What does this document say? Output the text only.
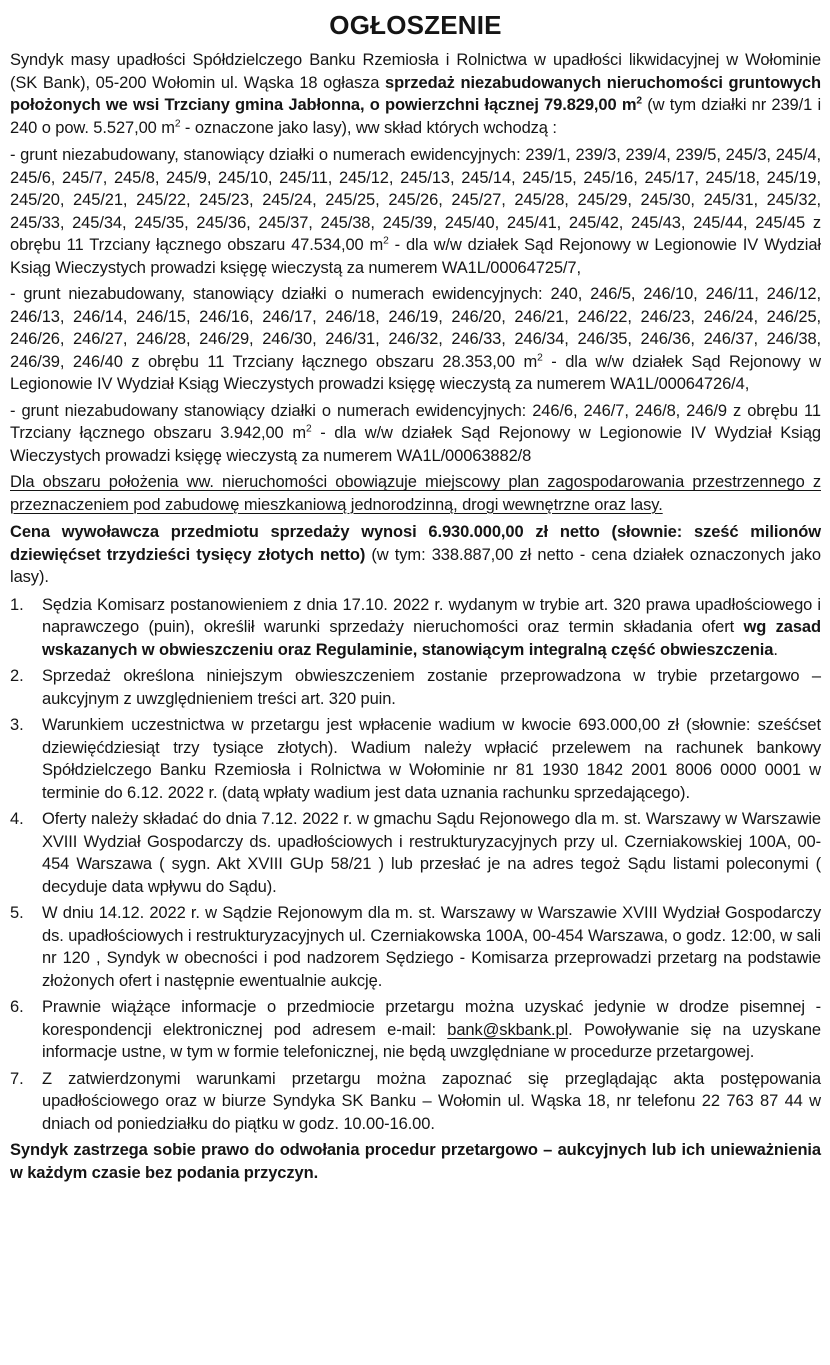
OGŁOSZENIE

Syndyk masy upadłości Spółdzielczego Banku Rzemiosła i Rolnictwa w upadłości likwidacyjnej w Wołominie (SK Bank), 05-200 Wołomin ul. Wąska 18 ogłasza sprzedaż niezabudowanych nieruchomości gruntowych położonych we wsi Trzciany gmina Jabłonna, o powierzchni łącznej 79.829,00 $m^2$ (w tym działki nr 239/1 i 240 o pow. 5.527,00 $m^2$ - oznaczone jako lasy), ww skład których wchodzą :

- grunt niezabudowany, stanowiący działki o numerach ewidencyjnych: 239/1, 239/3, 239/4, 239/5, 245/3, 245/4, 245/6, 245/7, 245/8, 245/9, 245/10, 245/11, 245/12, 245/13, 245/14, 245/15, 245/16, 245/17, 245/18, 245/19, 245/20, 245/21, 245/22, 245/23, 245/24, 245/25, 245/26, 245/27, 245/28, 245/29, 245/30, 245/31, 245/32, 245/33, 245/34, 245/35, 245/36, 245/37, 245/38, 245/39, 245/40, 245/41, 245/42, 245/43, 245/44, 245/45 z obrębu 11 Trzciany łącznego obszaru 47.534,00 $m^2$ - dla w/w działek Sąd Rejonowy w Legionowie IV Wydział Ksiąg Wieczystych prowadzi księgę wieczystą za numerem WA1L/00064725/7,

- grunt niezabudowany, stanowiący działki o numerach ewidencyjnych: 240, 246/5, 246/10, 246/11, 246/12, 246/13, 246/14, 246/15, 246/16, 246/17, 246/18, 246/19, 246/20, 246/21, 246/22, 246/23, 246/24, 246/25, 246/26, 246/27, 246/28, 246/29, 246/30, 246/31, 246/32, 246/33, 246/34, 246/35, 246/36, 246/37, 246/38, 246/39, 246/40 z obrębu 11 Trzciany łącznego obszaru 28.353,00 $m^2$ - dla w/w działek Sąd Rejonowy w Legionowie IV Wydział Ksiąg Wieczystych prowadzi księgę wieczystą za numerem WA1L/00064726/4,

- grunt niezabudowany stanowiący działki o numerach ewidencyjnych: 246/6, 246/7, 246/8, 246/9 z obrębu 11 Trzciany łącznego obszaru 3.942,00 $m^2$ - dla w/w działek Sąd Rejonowy w Legionowie IV Wydział Ksiąg Wieczystych prowadzi księgę wieczystą za numerem WA1L/00063882/8

Dla obszaru położenia ww. nieruchomości obowiązuje miejscowy plan zagospodarowania przestrzennego z przeznaczeniem pod zabudowę mieszkaniową jednorodzinną, drogi wewnętrzne oraz lasy.

Cena wywoławcza przedmiotu sprzedaży wynosi 6.930.000,00 zł netto (słownie: sześć milionów dziewięćset trzydzieści tysięcy złotych netto) (w tym: 338.887,00 zł netto - cena działek oznaczonych jako lasy).

1.	Sędzia Komisarz postanowieniem z dnia 17.10. 2022 r. wydanym w trybie art. 320 prawa upadłościowego i naprawczego (puin), określił warunki sprzedaży nieruchomości oraz termin składania ofert wg zasad wskazanych w obwieszczeniu oraz Regulaminie, stanowiącym integralną część obwieszczenia.

2.	Sprzedaż określona niniejszym obwieszczeniem zostanie przeprowadzona w trybie przetargowo – aukcyjnym z uwzględnieniem treści art. 320 puin.

3.	Warunkiem uczestnictwa w przetargu jest wpłacenie wadium w kwocie 693.000,00 zł (słownie: sześćset dziewięćdziesiąt trzy tysiące złotych). Wadium należy wpłacić przelewem na rachunek bankowy Spółdzielczego Banku Rzemiosła i Rolnictwa w Wołominie nr 81 1930 1842 2001 8006 0000 0001 w terminie do 6.12. 2022 r. (datą wpłaty wadium jest data uznania rachunku sprzedającego).

4.	Oferty należy składać do dnia 7.12. 2022 r. w gmachu Sądu Rejonowego dla m. st. Warszawy w Warszawie XVIII Wydział Gospodarczy ds. upadłościowych i restrukturyzacyjnych przy ul. Czerniakowskiej 100A, 00-454 Warszawa ( sygn. Akt XVIII GUp 58/21 ) lub przesłać je na adres tegoż Sądu listami poleconymi ( decyduje data wpływu do Sądu).

5.	W dniu 14.12. 2022 r. w Sądzie Rejonowym dla m. st. Warszawy w Warszawie XVIII Wydział Gospodarczy ds. upadłościowych i restrukturyzacyjnych ul. Czerniakowska 100A, 00-454 Warszawa, o godz. 12:00, w sali nr 120 , Syndyk w obecności i pod nadzorem Sędziego - Komisarza przeprowadzi przetarg na podstawie złożonych ofert i następnie ewentualnie aukcję.

6.	Prawnie wiążące informacje o przedmiocie przetargu można uzyskać jedynie w drodze pisemnej - korespondencji elektronicznej pod adresem e-mail: bank@skbank.pl. Powoływanie się na uzyskane informacje ustne, w tym w formie telefonicznej, nie będą uwzględniane w procedurze przetargowej.

7.	Z zatwierdzonymi warunkami przetargu można zapoznać się przeglądając akta postępowania upadłościowego oraz w biurze Syndyka SK Banku – Wołomin ul. Wąska 18, nr telefonu 22 763 87 44 w dniach od poniedziałku do piątku w godz. 10.00-16.00.

Syndyk zastrzega sobie prawo do odwołania procedur przetargowo – aukcyjnych lub ich unieważnienia w każdym czasie bez podania przyczyn.
